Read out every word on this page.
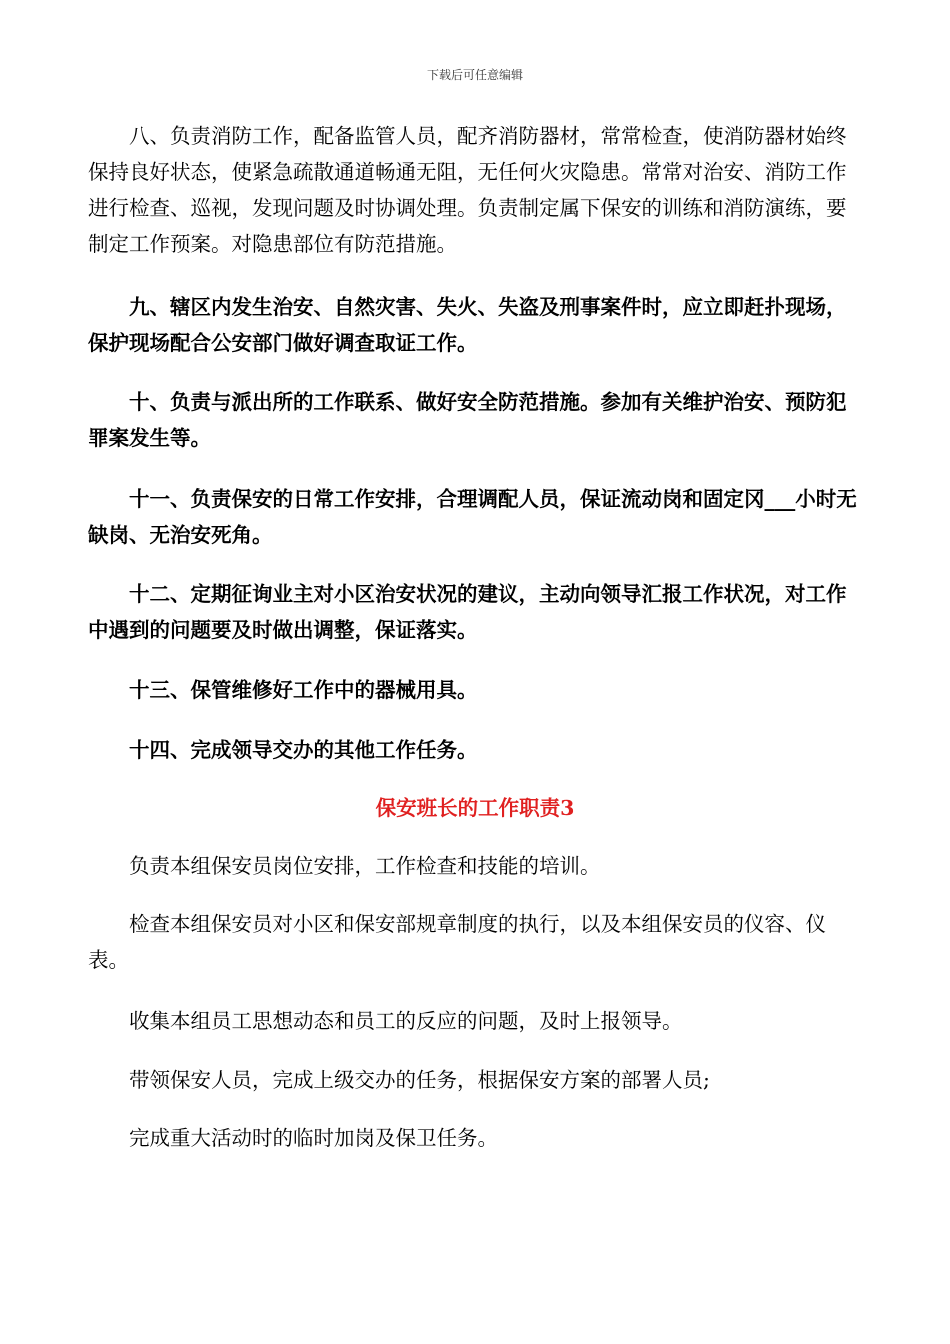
下载后可任意编辑

八、负责消防工作，配备监管人员，配齐消防器材，常常检查，使消防器材始终保持良好状态，使紧急疏散通道畅通无阻，无任何火灾隐患。常常对治安、消防工作进行检查、巡视，发现问题及时协调处理。负责制定属下保安的训练和消防演练，要制定工作预案。对隐患部位有防范措施。

九、辖区内发生治安、自然灾害、失火、失盗及刑事案件时，应立即赶扑现场，保护现场配合公安部门做好调查取证工作。

十、负责与派出所的工作联系、做好安全防范措施。参加有关维护治安、预防犯罪案发生等。

十一、负责保安的日常工作安排，合理调配人员，保证流动岗和固定冈___小时无缺岗、无治安死角。

十二、定期征询业主对小区治安状况的建议，主动向领导汇报工作状况，对工作中遇到的问题要及时做出调整，保证落实。

十三、保管维修好工作中的器械用具。

十四、完成领导交办的其他工作任务。

保安班长的工作职责3

负责本组保安员岗位安排，工作检查和技能的培训。

检查本组保安员对小区和保安部规章制度的执行，以及本组保安员的仪容、仪表。

收集本组员工思想动态和员工的反应的问题，及时上报领导。

带领保安人员，完成上级交办的任务，根据保安方案的部署人员;

完成重大活动时的临时加岗及保卫任务。
